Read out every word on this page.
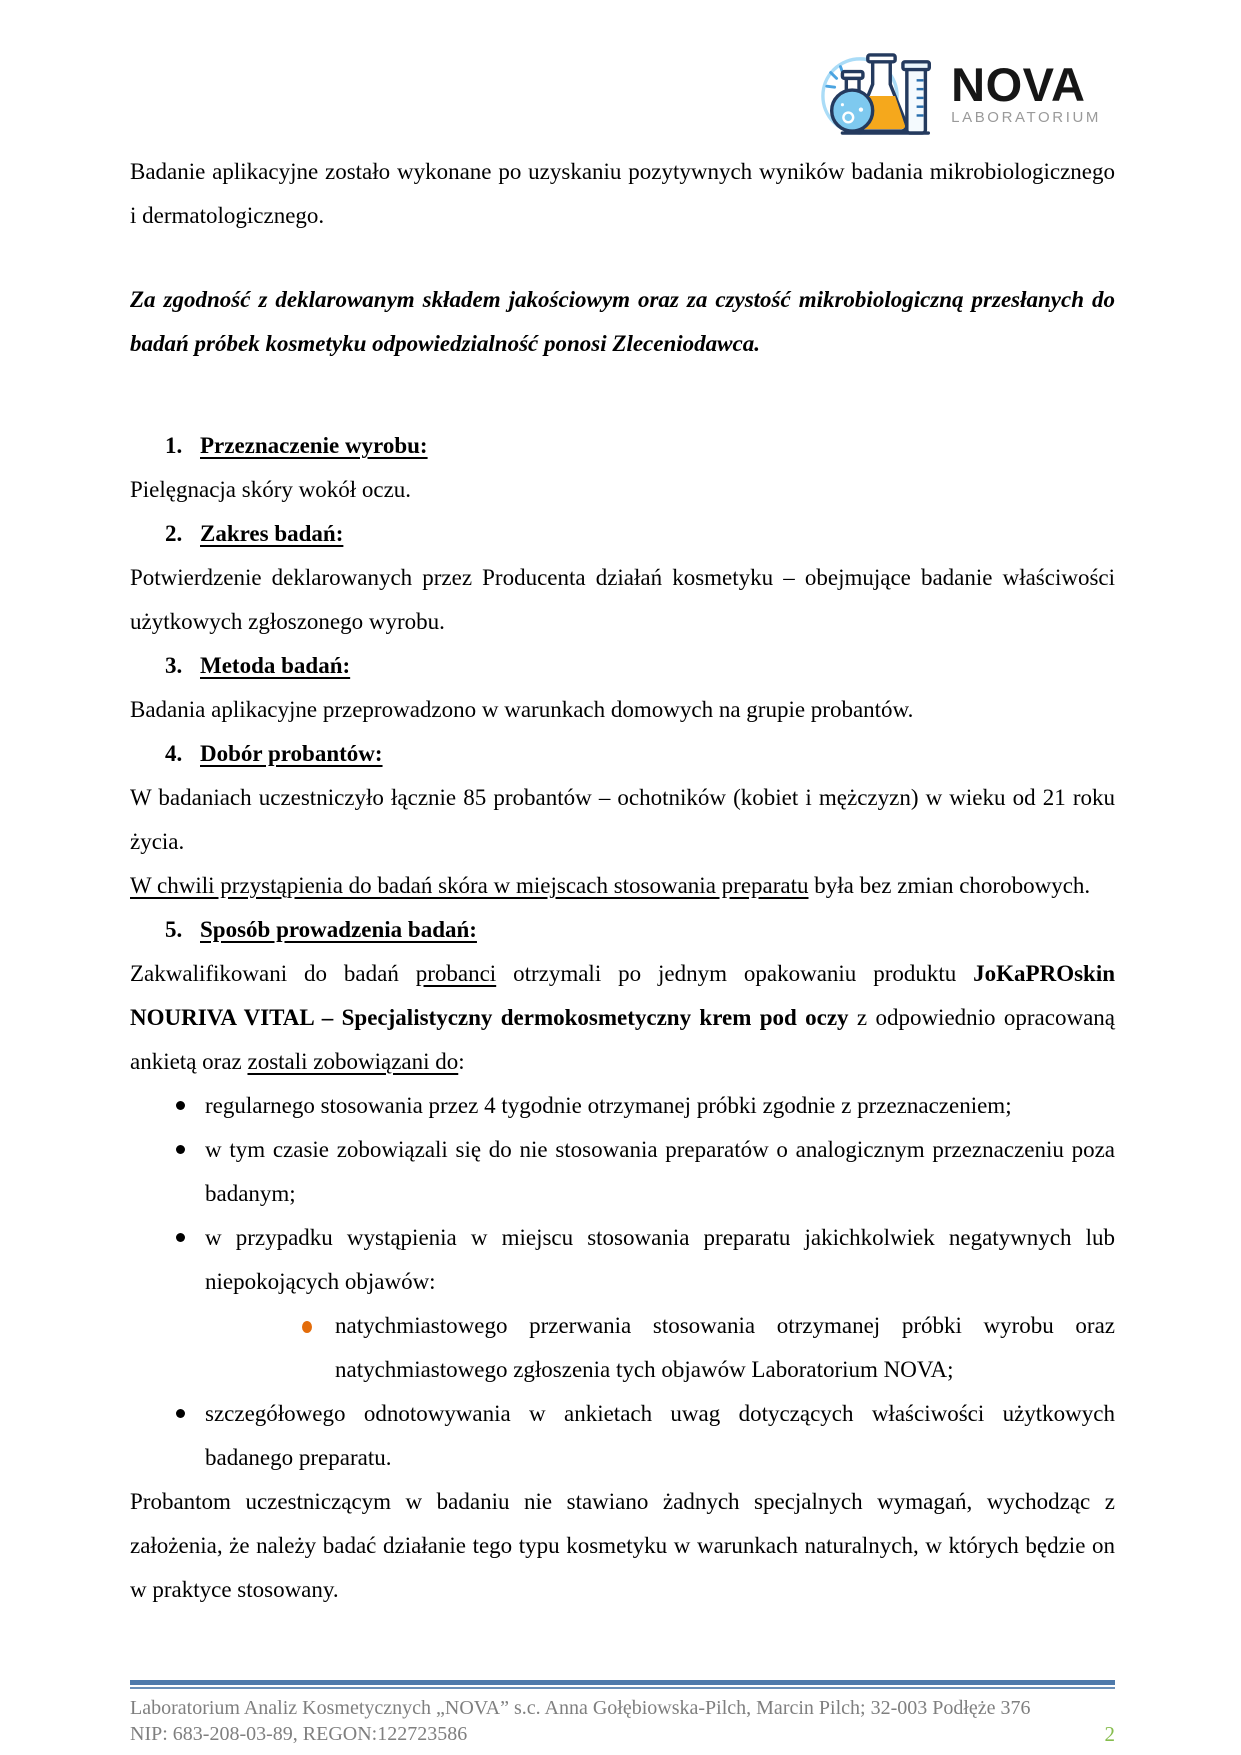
NOVA
LABORATORIUM

Badanie aplikacyjne zostało wykonane po uzyskaniu pozytywnych wyników badania mikrobiologicznego i dermatologicznego.

Za zgodność z deklarowanym składem jakościowym oraz za czystość mikrobiologiczną przesłanych do badań próbek kosmetyku odpowiedzialność ponosi Zleceniodawca.

1. Przeznaczenie wyrobu:

Pielęgnacja skóry wokół oczu.

2. Zakres badań:

Potwierdzenie deklarowanych przez Producenta działań kosmetyku – obejmujące badanie właściwości użytkowych zgłoszonego wyrobu.

3. Metoda badań:

Badania aplikacyjne przeprowadzono w warunkach domowych na grupie probantów.

4. Dobór probantów:

W badaniach uczestniczyło łącznie 85 probantów – ochotników (kobiet i mężczyzn) w wieku od 21 roku życia.

W chwili przystąpienia do badań skóra w miejscach stosowania preparatu była bez zmian chorobowych.

5. Sposób prowadzenia badań:

Zakwalifikowani do badań probanci otrzymali po jednym opakowaniu produktu JoKaPROskin NOURIVA VITAL – Specjalistyczny dermokosmetyczny krem pod oczy z odpowiednio opracowaną ankietą oraz zostali zobowiązani do:

regularnego stosowania przez 4 tygodnie otrzymanej próbki zgodnie z przeznaczeniem;
w tym czasie zobowiązali się do nie stosowania preparatów o analogicznym przeznaczeniu poza badanym;
w przypadku wystąpienia w miejscu stosowania preparatu jakichkolwiek negatywnych lub niepokojących objawów:
natychmiastowego przerwania stosowania otrzymanej próbki wyrobu oraz natychmiastowego zgłoszenia tych objawów Laboratorium NOVA;
szczegółowego odnotowywania w ankietach uwag dotyczących właściwości użytkowych badanego preparatu.

Probantom uczestniczącym w badaniu nie stawiano żadnych specjalnych wymagań, wychodząc z założenia, że należy badać działanie tego typu kosmetyku w warunkach naturalnych, w których będzie on w praktyce stosowany.

Laboratorium Analiz Kosmetycznych „NOVA” s.c. Anna Gołębiowska-Pilch, Marcin Pilch; 32-003 Podłęże 376
NIP: 683-208-03-89, REGON:122723586	2
